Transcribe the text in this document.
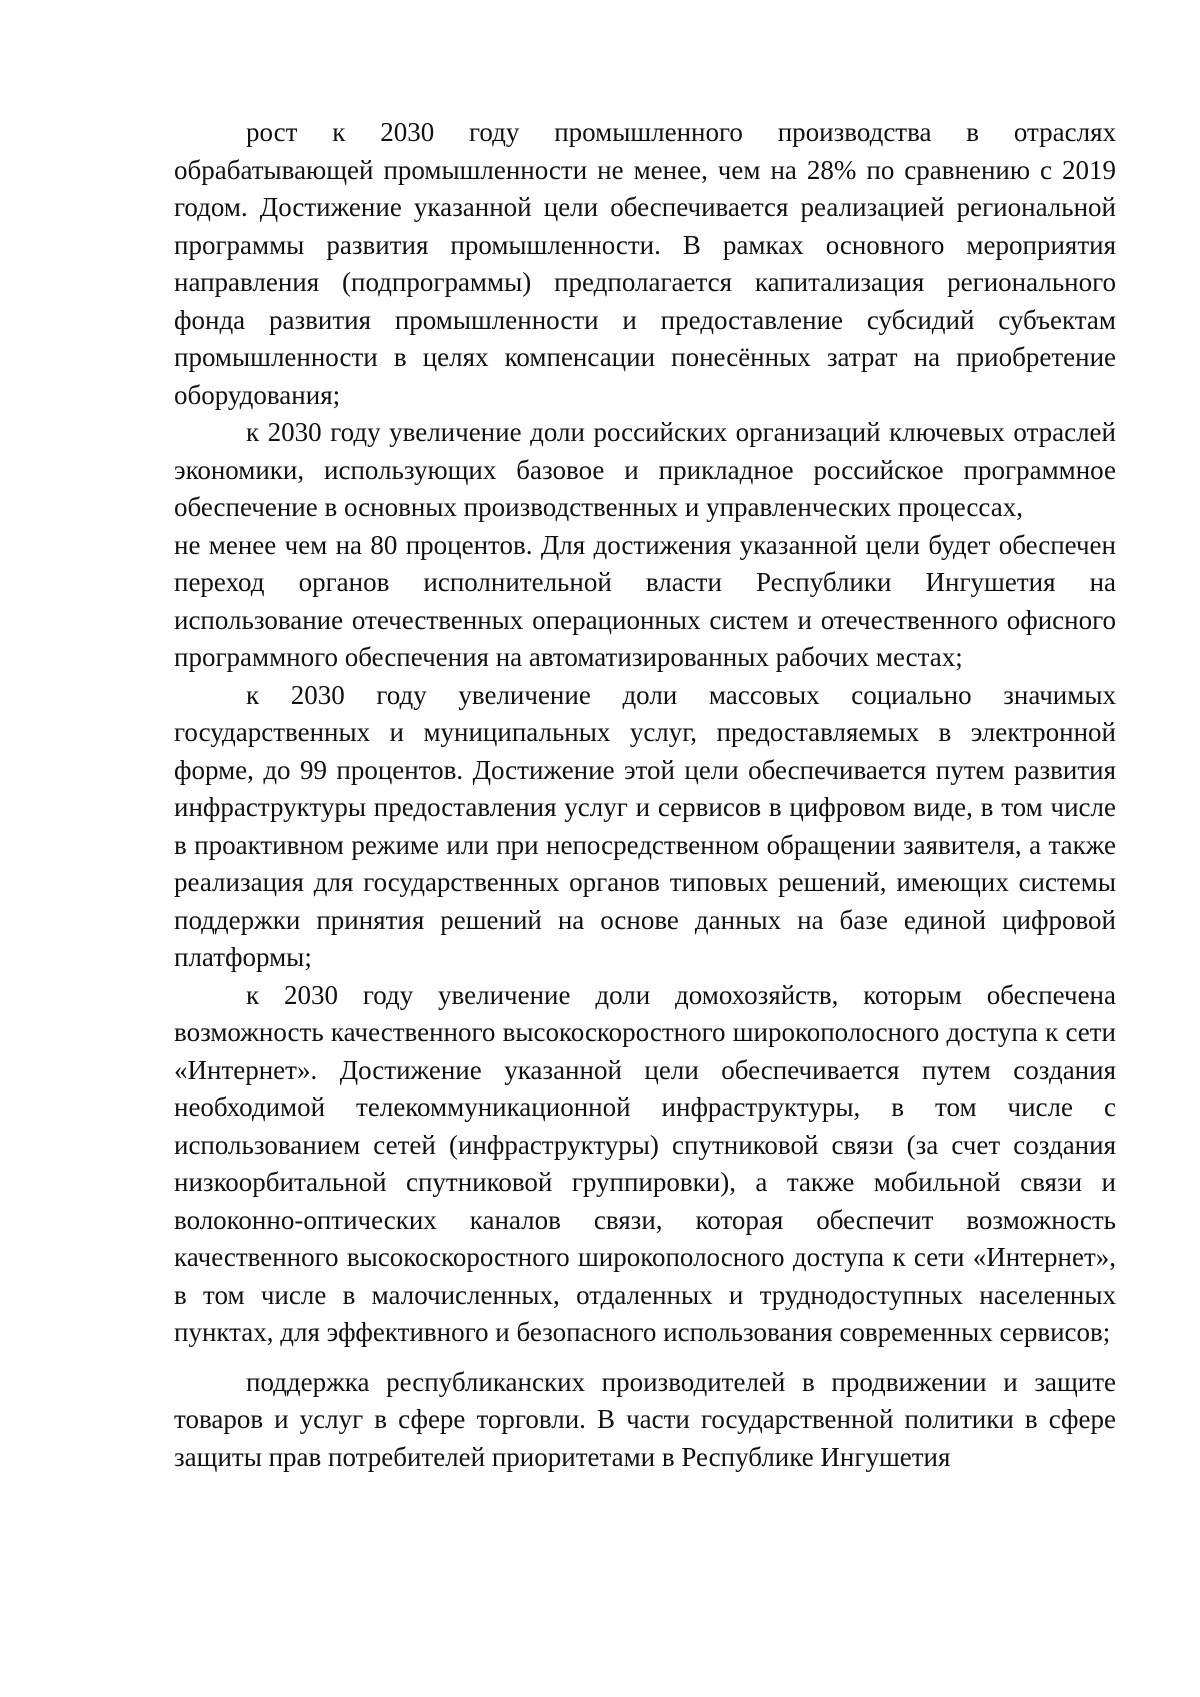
рост к 2030 году промышленного производства в отраслях обрабатывающей промышленности не менее, чем на 28% по сравнению с 2019 годом. Достижение указанной цели обеспечивается реализацией региональной программы развития промышленности. В рамках основного мероприятия направления (подпрограммы) предполагается капитализация регионального фонда развития промышленности и предоставление субсидий субъектам промышленности в целях компенсации понесённых затрат на приобретение оборудования;

к 2030 году увеличение доли российских организаций ключевых отраслей экономики, использующих базовое и прикладное российское программное обеспечение в основных производственных и управленческих процессах,

не менее чем на 80 процентов. Для достижения указанной цели будет обеспечен переход органов исполнительной власти Республики Ингушетия на использование отечественных операционных систем и отечественного офисного программного обеспечения на автоматизированных рабочих местах;

к 2030 году увеличение доли массовых социально значимых государственных и муниципальных услуг, предоставляемых в электронной форме, до 99 процентов. Достижение этой цели обеспечивается путем развития инфраструктуры предоставления услуг и сервисов в цифровом виде, в том числе в проактивном режиме или при непосредственном обращении заявителя, а также реализация для государственных органов типовых решений, имеющих системы поддержки принятия решений на основе данных на базе единой цифровой платформы;

к 2030 году увеличение доли домохозяйств, которым обеспечена возможность качественного высокоскоростного широкополосного доступа к сети «Интернет». Достижение указанной цели обеспечивается путем создания необходимой телекоммуникационной инфраструктуры, в том числе с использованием сетей (инфраструктуры) спутниковой связи (за счет создания низкоорбитальной спутниковой группировки), а также мобильной связи и волоконно-оптических каналов связи, которая обеспечит возможность качественного высокоскоростного широкополосного доступа к сети «Интернет», в том числе в малочисленных, отдаленных и труднодоступных населенных пунктах, для эффективного и безопасного использования современных сервисов;

поддержка республиканских производителей в продвижении и защите товаров и услуг в сфере торговли. В части государственной политики в сфере защиты прав потребителей приоритетами в Республике Ингушетия
